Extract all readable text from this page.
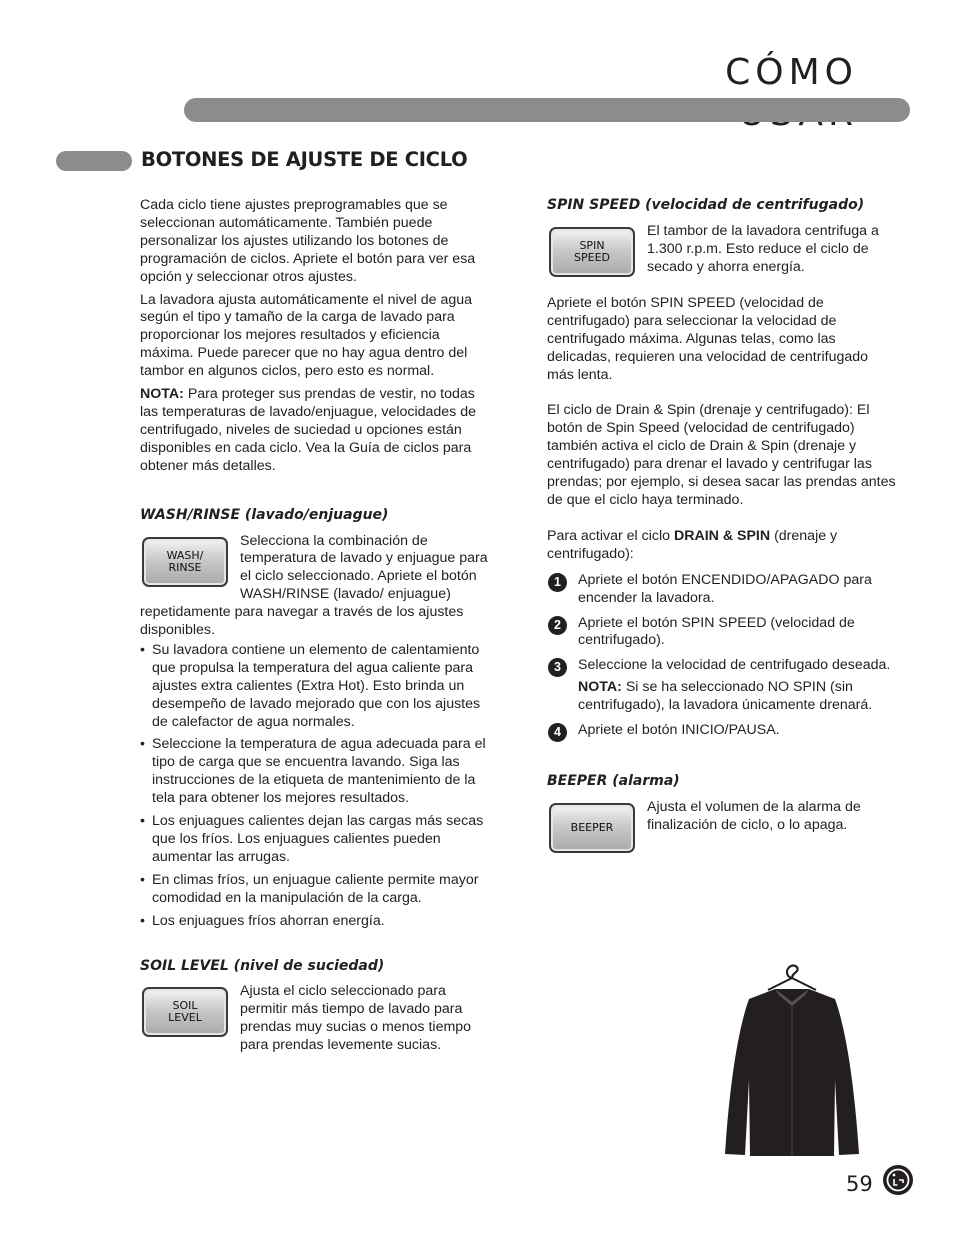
CÓMO
BOTONES DE AJUSTE DE CICLO

Cada ciclo tiene ajustes preprogramables que se seleccionan automáticamente. También puede personalizar los ajustes utilizando los botones de programación de ciclos. Apriete el botón para ver esa opción y seleccionar otros ajustes.

La lavadora ajusta automáticamente el nivel de agua según el tipo y tamaño de la carga de lavado para proporcionar los mejores resultados y eficiencia máxima. Puede parecer que no hay agua dentro del tambor en algunos ciclos, pero esto es normal.

NOTA: Para proteger sus prendas de vestir, no todas las temperaturas de lavado/enjuague, velocidades de centrifugado, niveles de suciedad u opciones están disponibles en cada ciclo. Vea la Guía de ciclos para obtener más detalles.

WASH/RINSE (lavado/enjuague)
WASH/
RINSE
Selecciona la combinación de temperatura de lavado y enjuague para el ciclo seleccionado. Apriete el botón WASH/RINSE (lavado/ enjuague) repetidamente para navegar a través de los ajustes disponibles.
• Su lavadora contiene un elemento de calentamiento que propulsa la temperatura del agua caliente para ajustes extra calientes (Extra Hot). Esto brinda un desempeño de lavado mejorado que con los ajustes de calefactor de agua normales.
• Seleccione la temperatura de agua adecuada para el tipo de carga que se encuentra lavando. Siga las instrucciones de la etiqueta de mantenimiento de la tela para obtener los mejores resultados.
• Los enjuagues calientes dejan las cargas más secas que los fríos. Los enjuagues calientes pueden aumentar las arrugas.
• En climas fríos, un enjuague caliente permite mayor comodidad en la manipulación de la carga.
• Los enjuagues fríos ahorran energía.
SOIL LEVEL (nivel de suciedad)
SOIL
LEVEL
Ajusta el ciclo seleccionado para permitir más tiempo de lavado para prendas muy sucias o menos tiempo para prendas levemente sucias.
SPIN SPEED (velocidad de centrifugado)
SPIN
SPEED
El tambor de la lavadora centrifuga a 1.300 r.p.m. Esto reduce el ciclo de secado y ahorra energía.

Apriete el botón SPIN SPEED (velocidad de centrifugado) para seleccionar la velocidad de centrifugado máxima. Algunas telas, como las delicadas, requieren una velocidad de centrifugado más lenta.

El ciclo de Drain & Spin (drenaje y centrifugado): El botón de Spin Speed (velocidad de centrifugado) también activa el ciclo de Drain & Spin (drenaje y centrifugado) para drenar el lavado y centrifugar las prendas; por ejemplo, si desea sacar las prendas antes de que el ciclo haya terminado.

Para activar el ciclo DRAIN & SPIN (drenaje y centrifugado):

1	Apriete el botón ENCENDIDO/APAGADO para encender la lavadora.
2	Apriete el botón SPIN SPEED (velocidad de centrifugado).
3	Seleccione la velocidad de centrifugado deseada.
NOTA: Si se ha seleccionado NO SPIN (sin centrifugado), la lavadora únicamente drenará.
4	Apriete el botón INICIO/PAUSA.
BEEPER (alarma)
BEEPER
Ajusta el volumen de la alarma de finalización de ciclo, o lo apaga.
59
